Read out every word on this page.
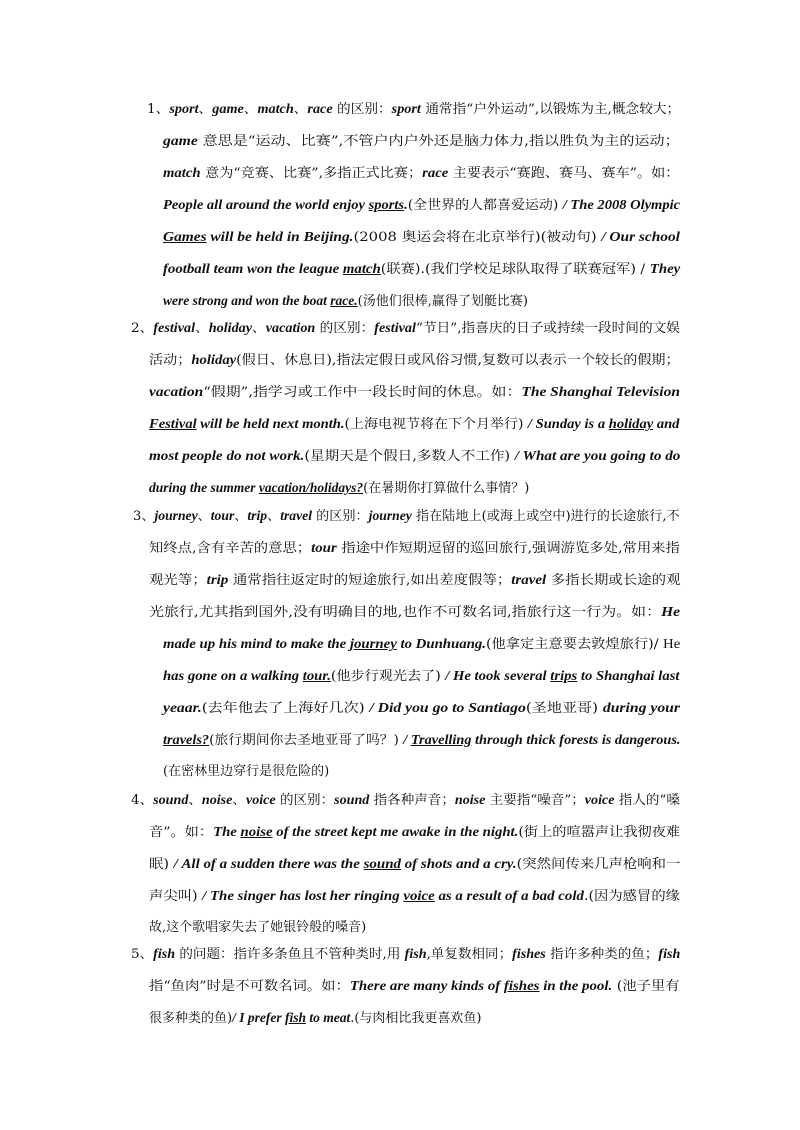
1、sport、game、match、race 的区别：sport 通常指“户外运动”,以锻炼为主,概念较大；
game 意思是“运动、比赛”,不管户内户外还是脑力体力,指以胜负为主的运动；
match 意为“竞赛、比赛”,多指正式比赛；race 主要表示“赛跑、赛马、赛车”。如：
People all around the world enjoy sports.(全世界的人都喜爱运动) / The 2008 Olympic
Games will be held in Beijing.(2008 奥运会将在北京举行)(被动句) / Our school
football team won the league match(联赛).(我们学校足球队取得了联赛冠军) / They
were strong and won the boat race.(汤他们很棒,赢得了划艇比赛)
2、festival、holiday、vacation 的区别：festival“节日”,指喜庆的日子或持续一段时间的文娱
活动；holiday(假日、休息日),指法定假日或风俗习惯,复数可以表示一个较长的假期；
vacation“假期”,指学习或工作中一段长时间的休息。如：The Shanghai Television
Festival will be held next month.(上海电视节将在下个月举行) / Sunday is a holiday and
most people do not work.(星期天是个假日,多数人不工作) / What are you going to do
during the summer vacation/holidays?(在暑期你打算做什么事情？)
3、journey、tour、trip、travel 的区别：journey 指在陆地上(或海上或空中)进行的长途旅行,不
知终点,含有辛苦的意思；tour 指途中作短期逗留的巡回旅行,强调游览多处,常用来指
观光等；trip 通常指往返定时的短途旅行,如出差度假等；travel 多指长期或长途的观
光旅行,尤其指到国外,没有明确目的地,也作不可数名词,指旅行这一行为。如：He
made up his mind to make the journey to Dunhuang.(他拿定主意要去敦煌旅行)/ He
has gone on a walking tour.(他步行观光去了) / He took several trips to Shanghai last
yeaar.(去年他去了上海好几次) / Did you go to Santiago(圣地亚哥) during your
travels?(旅行期间你去圣地亚哥了吗？) / Travelling through thick forests is dangerous.
(在密林里边穿行是很危险的)
4、sound、noise、voice 的区别：sound 指各种声音；noise 主要指“噪音”；voice 指人的“嗓
音”。如：The noise of the street kept me awake in the night.(街上的喧嚣声让我彻夜难
眠) / All of a sudden there was the sound of shots and a cry.(突然间传来几声枪响和一
声尖叫) / The singer has lost her ringing voice as a result of a bad cold.(因为感冒的缘
故,这个歌唱家失去了她银铃般的嗓音)
5、fish 的问题：指许多条鱼且不管种类时,用 fish,单复数相同；fishes 指许多种类的鱼；fish
指“鱼肉”时是不可数名词。如：There are many kinds of fishes in the pool. (池子里有
很多种类的鱼)/ I prefer fish to meat.(与肉相比我更喜欢鱼)
